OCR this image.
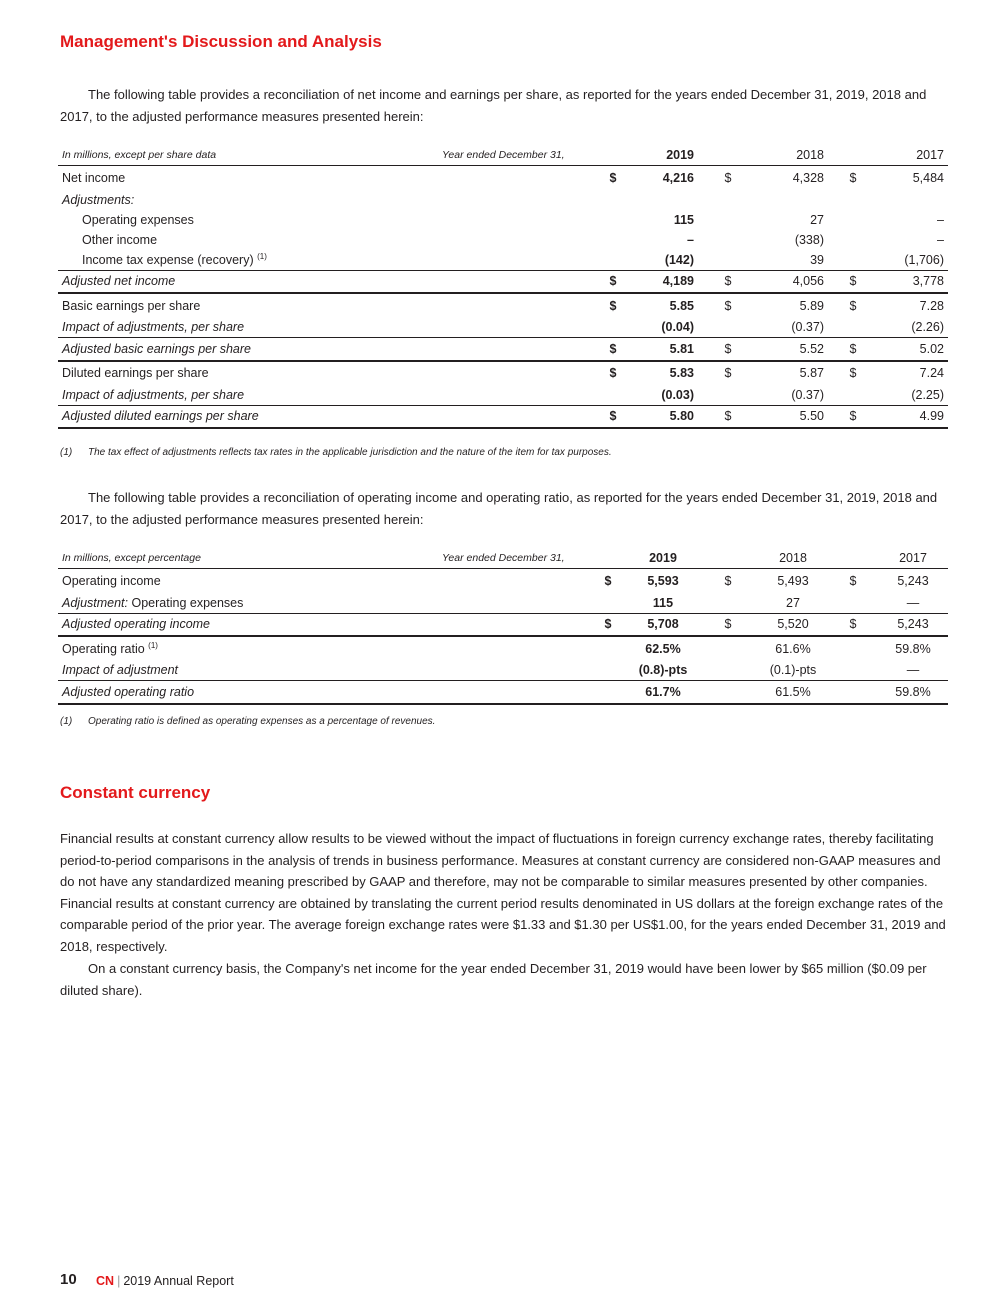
Management's Discussion and Analysis

The following table provides a reconciliation of net income and earnings per share, as reported for the years ended December 31, 2019, 2018 and 2017, to the adjusted performance measures presented herein:

In millions, except per share data	Year ended December 31,		2019		2018		2017
Net income		$	4,216	$	4,328	$	5,484
Adjustments:							
Operating expenses			115		27		–
Other income			–		(338)		–
Income tax expense (recovery) $^{(1)}$			(142)		39		(1,706)
Adjusted net income		$	4,189	$	4,056	$	3,778
Basic earnings per share		$	5.85	$	5.89	$	7.28
Impact of adjustments, per share			(0.04)		(0.37)		(2.26)
Adjusted basic earnings per share		$	5.81	$	5.52	$	5.02
Diluted earnings per share		$	5.83	$	5.87	$	7.24
Impact of adjustments, per share			(0.03)		(0.37)		(2.25)
Adjusted diluted earnings per share		$	5.80	$	5.50	$	4.99
(1) The tax effect of adjustments reflects tax rates in the applicable jurisdiction and the nature of the item for tax purposes.

The following table provides a reconciliation of operating income and operating ratio, as reported for the years ended December 31, 2019, 2018 and 2017, to the adjusted performance measures presented herein:

In millions, except percentage	Year ended December 31,		2019		2018		2017
Operating income		$	5,593	$	5,493	$	5,243
Adjustment: Operating expenses			115		27		—
Adjusted operating income		$	5,708	$	5,520	$	5,243
Operating ratio $^{(1)}$			62.5%		61.6%		59.8%
Impact of adjustment			(0.8)-pts		(0.1)-pts		—
Adjusted operating ratio			61.7%		61.5%		59.8%
(1) Operating ratio is defined as operating expenses as a percentage of revenues.
Constant currency

Financial results at constant currency allow results to be viewed without the impact of fluctuations in foreign currency exchange rates, thereby facilitating period-to-period comparisons in the analysis of trends in business performance. Measures at constant currency are considered non-GAAP measures and do not have any standardized meaning prescribed by GAAP and therefore, may not be comparable to similar measures presented by other companies. Financial results at constant currency are obtained by translating the current period results denominated in US dollars at the foreign exchange rates of the comparable period of the prior year. The average foreign exchange rates were $1.33 and $1.30 per US$1.00, for the years ended December 31, 2019 and 2018, respectively.

On a constant currency basis, the Company's net income for the year ended December 31, 2019 would have been lower by $65 million ($0.09 per diluted share).

10 CN | 2019 Annual Report
